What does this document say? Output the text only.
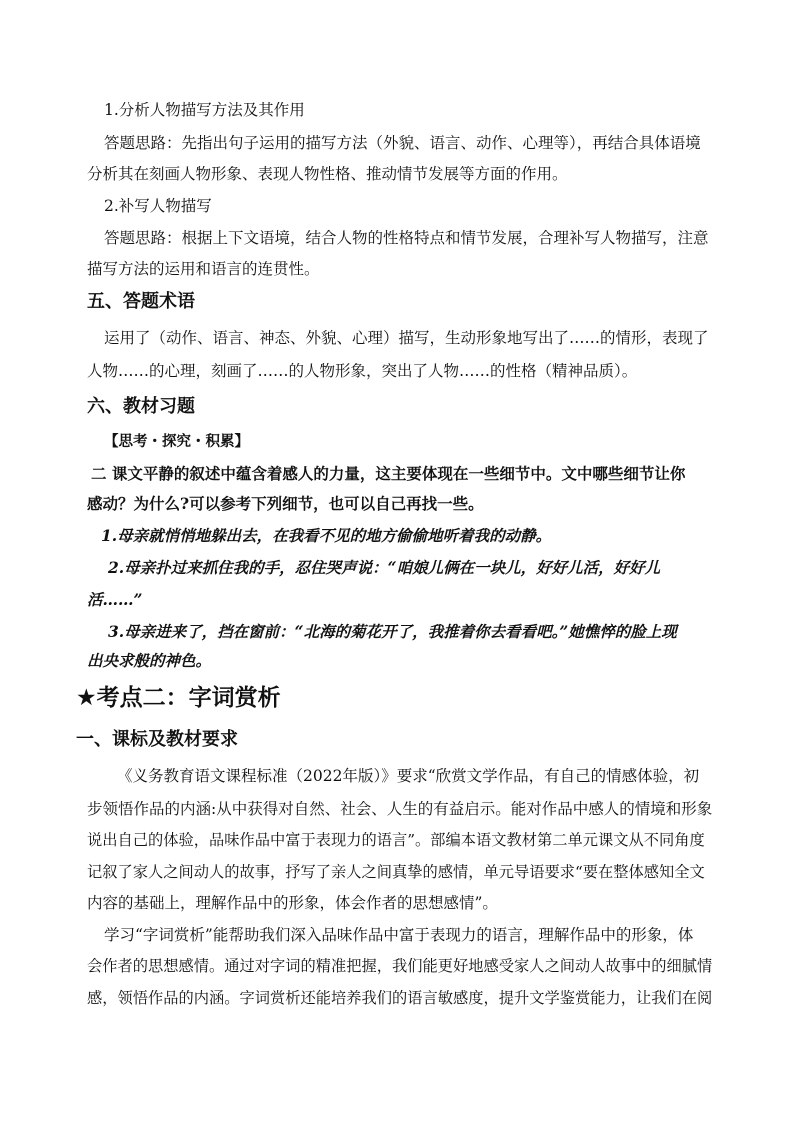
1.分析人物描写方法及其作用
答题思路：先指出句子运用的描写方法（外貌、语言、动作、心理等），再结合具体语境
分析其在刻画人物形象、表现人物性格、推动情节发展等方面的作用。
2.补写人物描写
答题思路：根据上下文语境，结合人物的性格特点和情节发展，合理补写人物描写，注意
描写方法的运用和语言的连贯性。
五、答题术语
运用了（动作、语言、神态、外貌、心理）描写，生动形象地写出了……的情形，表现了
人物……的心理，刻画了……的人物形象，突出了人物……的性格（精神品质）。
六、教材习题
【思考・探究・积累】
二 课文平静的叙述中蕴含着感人的力量，这主要体现在一些细节中。文中哪些细节让你
感动？为什么?可以参考下列细节，也可以自己再找一些。
1.母亲就悄悄地躲出去，在我看不见的地方偷偷地听着我的动静。
2.母亲扑过来抓住我的手，忍住哭声说：“咱娘儿俩在一块儿，好好儿活，好好儿
活……”
3.母亲进来了，挡在窗前：“北海的菊花开了，我推着你去看看吧。”她憔悴的脸上现
出央求般的神色。
★考点二：字词赏析
一、课标及教材要求
《义务教育语文课程标准（2022年版）》要求“欣赏文学作品，有自己的情感体验，初
步领悟作品的内涵:从中获得对自然、社会、人生的有益启示。能对作品中感人的情境和形象
说出自己的体验，品味作品中富于表现力的语言”。部编本语文教材第二单元课文从不同角度
记叙了家人之间动人的故事，抒写了亲人之间真挚的感情，单元导语要求“要在整体感知全文
内容的基础上，理解作品中的形象，体会作者的思想感情”。
学习“字词赏析”能帮助我们深入品味作品中富于表现力的语言，理解作品中的形象，体
会作者的思想感情。通过对字词的精准把握，我们能更好地感受家人之间动人故事中的细腻情
感，领悟作品的内涵。字词赏析还能培养我们的语言敏感度，提升文学鉴赏能力，让我们在阅
